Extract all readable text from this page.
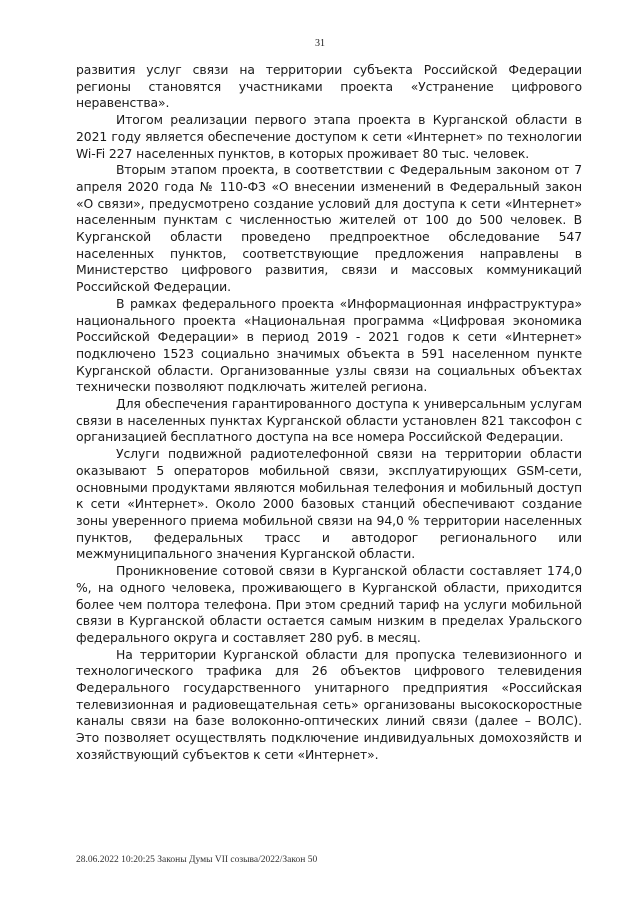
31

развития услуг связи на территории субъекта Российской Федерации регионы становятся участниками проекта «Устранение цифрового неравенства».

Итогом реализации первого этапа проекта в Курганской области в 2021 году является обеспечение доступом к сети «Интернет» по технологии Wi-Fi 227 населенных пунктов, в которых проживает 80 тыс. человек.

Вторым этапом проекта, в соответствии с Федеральным законом от 7 апреля 2020 года № 110-ФЗ «О внесении изменений в Федеральный закон «О связи», предусмотрено создание условий для доступа к сети «Интернет» населенным пунктам с численностью жителей от 100 до 500 человек. В Курганской области проведено предпроектное обследование 547 населенных пунктов, соответствующие предложения направлены в Министерство цифрового развития, связи и массовых коммуникаций Российской Федерации.

В рамках федерального проекта «Информационная инфраструктура» национального проекта «Национальная программа «Цифровая экономика Российской Федерации» в период 2019 - 2021 годов к сети «Интернет» подключено 1523 социально значимых объекта в 591 населенном пункте Курганской области. Организованные узлы связи на социальных объектах технически позволяют подключать жителей региона.

Для обеспечения гарантированного доступа к универсальным услугам связи в населенных пунктах Курганской области установлен 821 таксофон с организацией бесплатного доступа на все номера Российской Федерации.

Услуги подвижной радиотелефонной связи на территории области оказывают 5 операторов мобильной связи, эксплуатирующих GSM-сети, основными продуктами являются мобильная телефония и мобильный доступ к сети «Интернет». Около 2000 базовых станций обеспечивают создание зоны уверенного приема мобильной связи на 94,0 % территории населенных пунктов, федеральных трасс и автодорог регионального или межмуниципального значения Курганской области.

Проникновение сотовой связи в Курганской области составляет 174,0 %, на одного человека, проживающего в Курганской области, приходится более чем полтора телефона. При этом средний тариф на услуги мобильной связи в Курганской области остается самым низким в пределах Уральского федерального округа и составляет 280 руб. в месяц.

На территории Курганской области для пропуска телевизионного и технологического трафика для 26 объектов цифрового телевидения Федерального государственного унитарного предприятия «Российская телевизионная и радиовещательная сеть» организованы высокоскоростные каналы связи на базе волоконно-оптических линий связи (далее – ВОЛС). Это позволяет осуществлять подключение индивидуальных домохозяйств и хозяйствующий субъектов к сети «Интернет».

28.06.2022 10:20:25 Законы Думы VII созыва/2022/Закон 50
